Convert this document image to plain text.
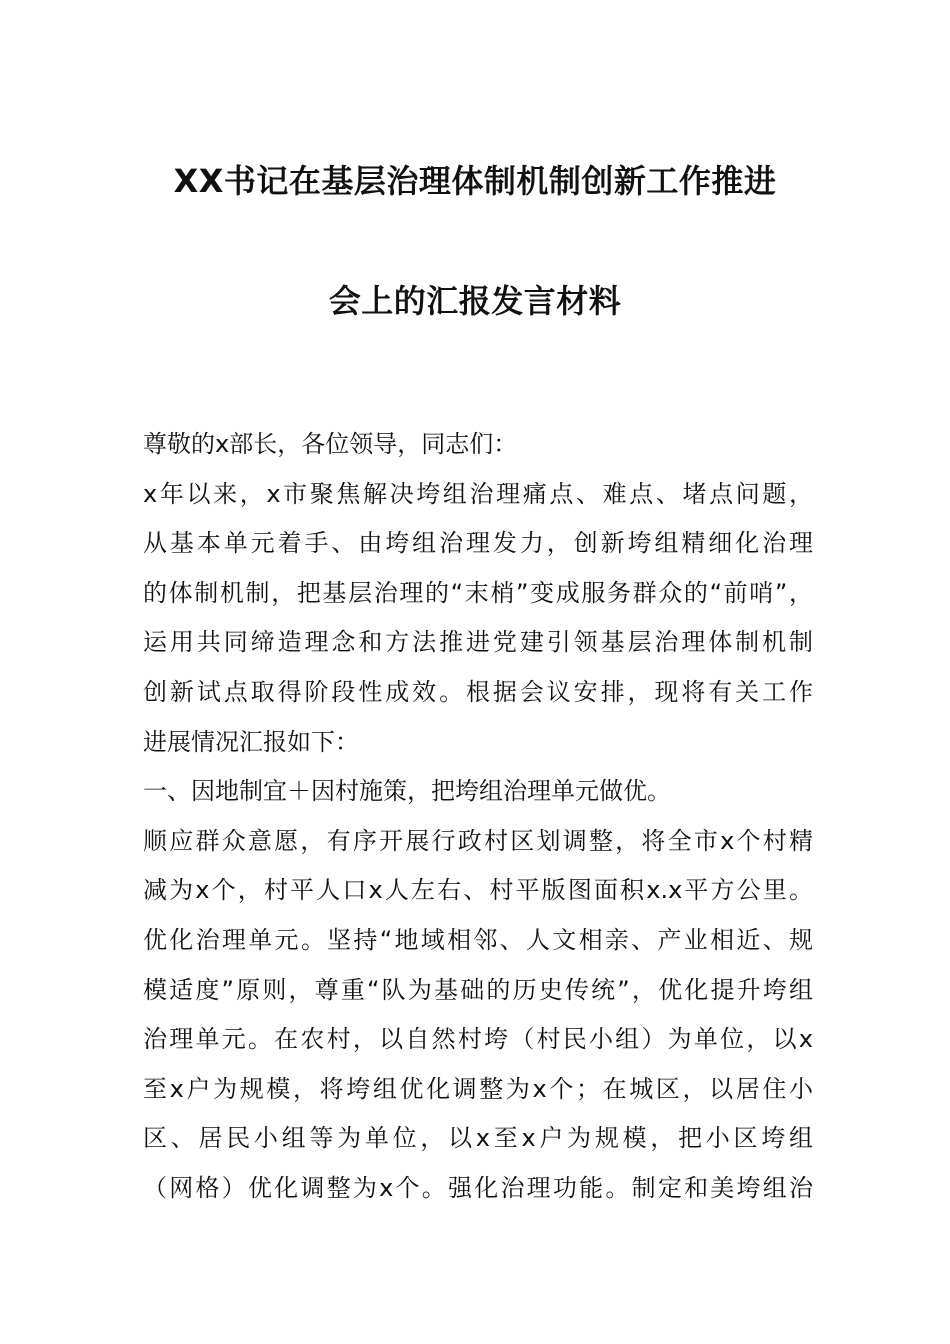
XX书记在基层治理体制机制创新工作推进
会上的汇报发言材料
尊敬的x部长，各位领导，同志们：
x年以来，x市聚焦解决垮组治理痛点、难点、堵点问题，
从基本单元着手、由垮组治理发力，创新垮组精细化治理
的体制机制，把基层治理的“末梢”变成服务群众的“前哨”，
运用共同缔造理念和方法推进党建引领基层治理体制机制
创新试点取得阶段性成效。根据会议安排，现将有关工作
进展情况汇报如下：
一、因地制宜＋因村施策，把垮组治理单元做优。
顺应群众意愿，有序开展行政村区划调整，将全市x个村精
减为x个，村平人口x人左右、村平版图面积x.x平方公里。
优化治理单元。坚持“地域相邻、人文相亲、产业相近、规
模适度”原则，尊重“队为基础的历史传统”，优化提升垮组
治理单元。在农村，以自然村垮（村民小组）为单位，以x
至x户为规模，将垮组优化调整为x个；在城区，以居住小
区、居民小组等为单位，以x至x户为规模，把小区垮组
（网格）优化调整为x个。强化治理功能。制定和美垮组治
